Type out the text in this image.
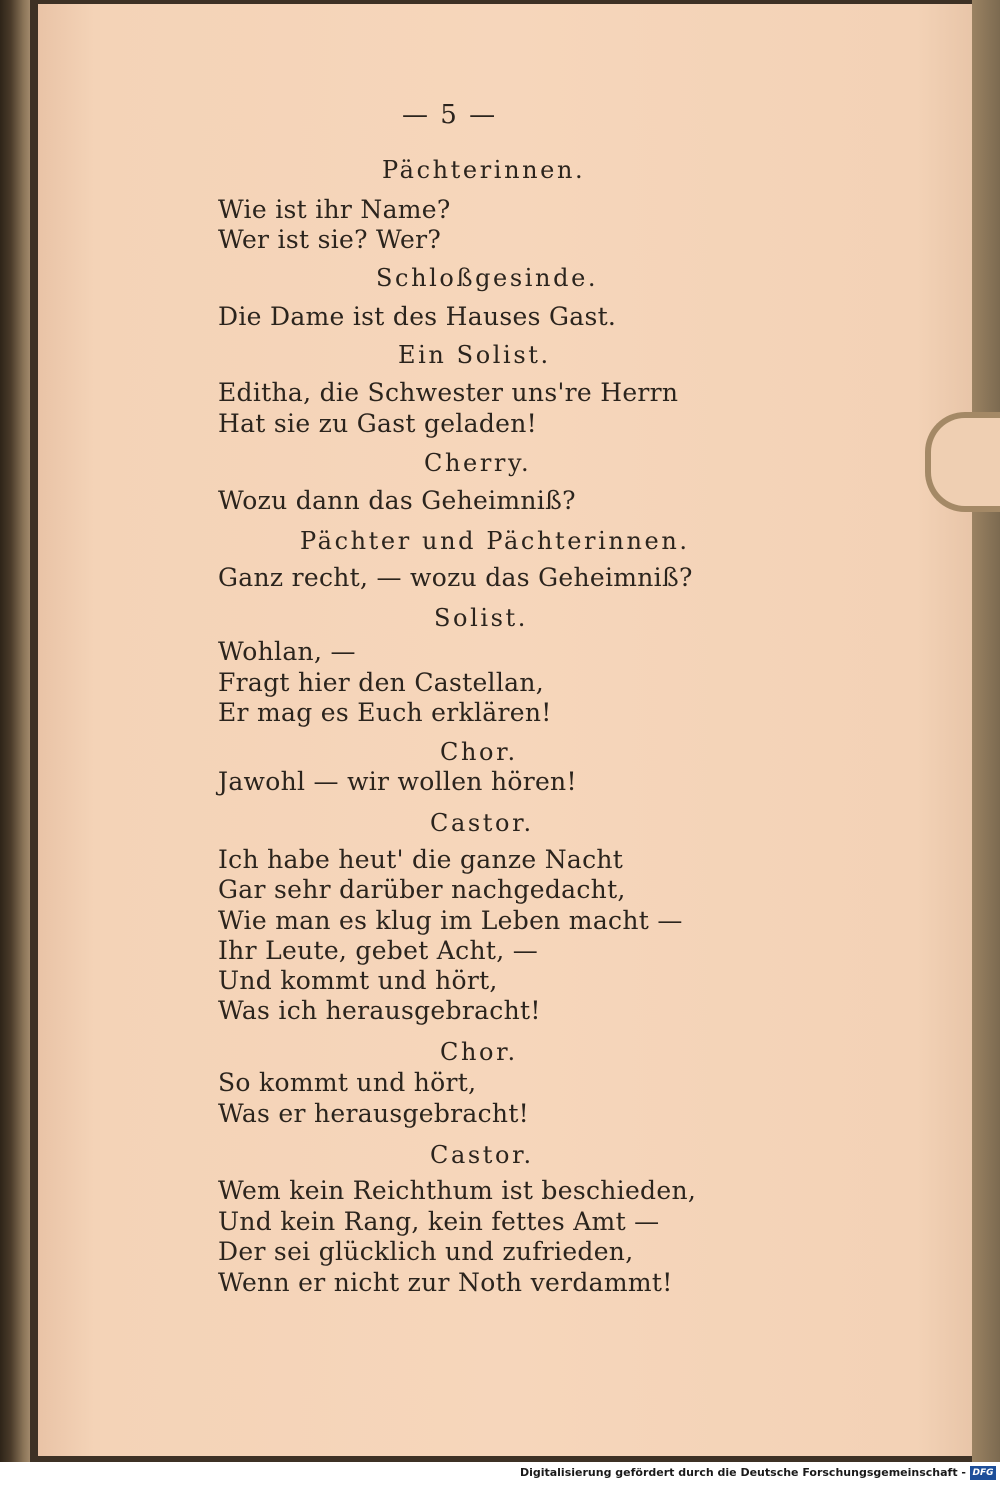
— 5 —
Pächterinnen.
Wie ist ihr Name?
Wer ist sie? Wer?
Schloßgesinde.
Die Dame ist des Hauses Gast.
Ein Solist.
Editha, die Schwester uns're Herrn
Hat sie zu Gast geladen!
Cherry.
Wozu dann das Geheimniß?
Pächter und Pächterinnen.
Ganz recht, — wozu das Geheimniß?
Solist.
Wohlan, —
Fragt hier den Castellan,
Er mag es Euch erklären!
Chor.
Jawohl — wir wollen hören!
Castor.
Ich habe heut' die ganze Nacht
Gar sehr darüber nachgedacht,
Wie man es klug im Leben macht —
Ihr Leute, gebet Acht, —
Und kommt und hört,
Was ich herausgebracht!
Chor.
So kommt und hört,
Was er herausgebracht!
Castor.
Wem kein Reichthum ist beschieden,
Und kein Rang, kein fettes Amt —
Der sei glücklich und zufrieden,
Wenn er nicht zur Noth verdammt!
Digitalisierung gefördert durch die Deutsche Forschungsgemeinschaft - DFG
